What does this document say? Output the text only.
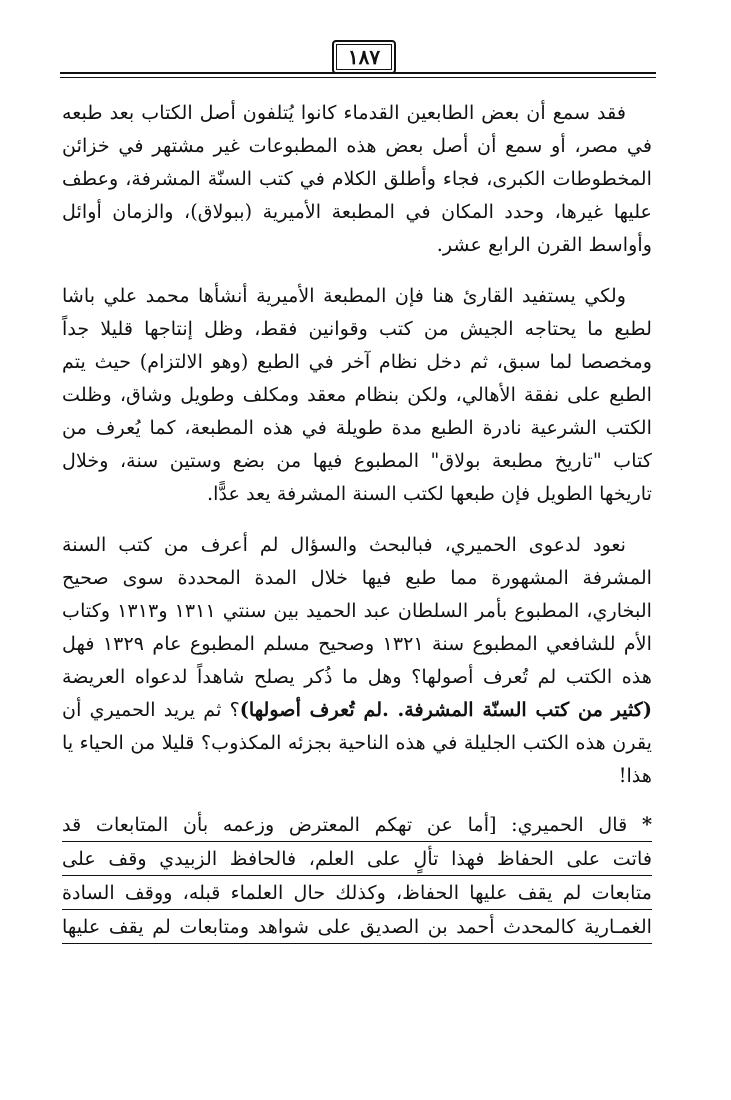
١٨٧

فقد سمع أن بعض الطابعين القدماء كانوا يُتلفون أصل الكتاب بعد طبعه في مصر، أو سمع أن أصل بعض هذه المطبوعات غير مشتهر في خزائن المخطوطات الكبرى، فجاء وأطلق الكلام في كتب السنّة المشرفة، وعطف عليها غيرها، وحدد المكان في المطبعة الأميرية (ببولاق)، والزمان أوائل وأواسط القرن الرابع عشر.

ولكي يستفيد القارئ هنا فإن المطبعة الأميرية أنشأها محمد علي باشا لطبع ما يحتاجه الجيش من كتب وقوانين فقط، وظل إنتاجها قليلا جداً ومخصصا لما سبق، ثم دخل نظام آخر في الطبع (وهو الالتزام) حيث يتم الطبع على نفقة الأهالي، ولكن بنظام معقد ومكلف وطويل وشاق، وظلت الكتب الشرعية نادرة الطبع مدة طويلة في هذه المطبعة، كما يُعرف من كتاب "تاريخ مطبعة بولاق" المطبوع فيها من بضع وستين سنة، وخلال تاريخها الطويل فإن طبعها لكتب السنة المشرفة يعد عدًّا.

نعود لدعوى الحميري، فبالبحث والسؤال لم أعرف من كتب السنة المشرفة المشهورة مما طبع فيها خلال المدة المحددة سوى صحيح البخاري، المطبوع بأمر السلطان عبد الحميد بين سنتي ١٣١١ و١٣١٣ وكتاب الأم للشافعي المطبوع سنة ١٣٢١ وصحيح مسلم المطبوع عام ١٣٢٩ فهل هذه الكتب لم تُعرف أصولها؟ وهل ما ذُكر يصلح شاهداً لدعواه العريضة (كثير من كتب السنّة المشرفة. .لم تُعرف أصولها)؟ ثم يريد الحميري أن يقرن هذه الكتب الجليلة في هذه الناحية بجزئه المكذوب؟ قليلا من الحياء يا هذا!

* قال الحميري: [أما عن تهكم المعترض وزعمه بأن المتابعات قد
فاتت على الحفاظ فهذا تألٍ على العلم، فالحافظ الزبيدي وقف على
متابعات لم يقف عليها الحفاظ، وكذلك حال العلماء قبله، ووقف السادة
الغمـارية كالمحدث أحمد بن الصديق على شواهد ومتابعات لم يقف عليها
